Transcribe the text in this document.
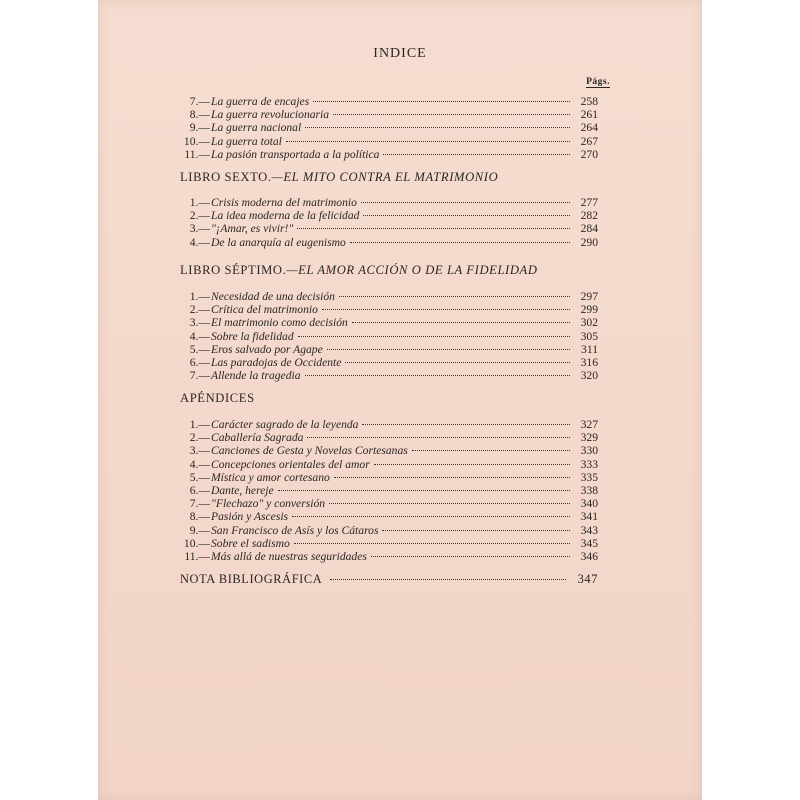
INDICE
Págs.
7.— La guerra de encajes	258
8.— La guerra revolucionaria	261
9.— La guerra nacional	264
10.— La guerra total	267
11.— La pasión transportada a la política	270
LIBRO SEXTO.—EL MITO CONTRA EL MATRIMONIO
1.— Crisis moderna del matrimonio	277
2.— La idea moderna de la felicidad	282
3.— "¡Amar, es vivir!"	284
4.— De la anarquía al eugenismo	290
LIBRO SÉPTIMO.—EL AMOR ACCIÓN O DE LA FIDELIDAD
1.— Necesidad de una decisión	297
2.— Crítica del matrimonio	299
3.— El matrimonio como decisión	302
4.— Sobre la fidelidad	305
5.— Eros salvado por Agape	311
6.— Las paradojas de Occidente	316
7.— Allende la tragedia	320
APÉNDICES
1.— Carácter sagrado de la leyenda	327
2.— Caballería Sagrada	329
3.— Canciones de Gesta y Novelas Cortesanas	330
4.— Concepciones orientales del amor	333
5.— Mística y amor cortesano	335
6.— Dante, hereje	338
7.— "Flechazo" y conversión	340
8.— Pasión y Ascesis	341
9.— San Francisco de Asís y los Cátaros	343
10.— Sobre el sadismo	345
11.— Más allá de nuestras seguridades	346
NOTA BIBLIOGRÁFICA	347
